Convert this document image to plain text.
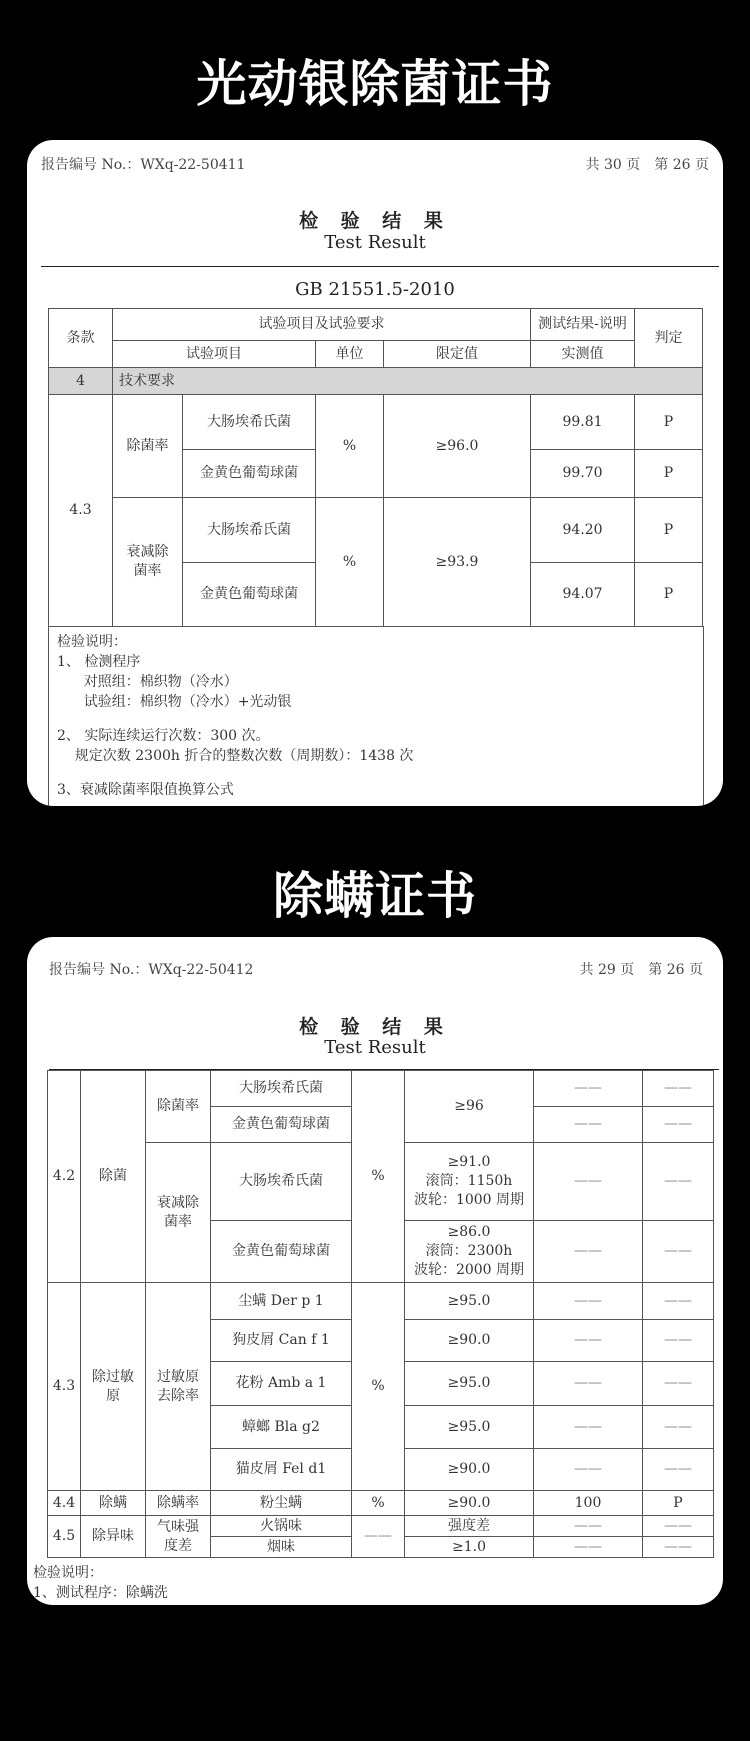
光动银除菌证书
报告编号 No.：WXq-22-50411	共 30 页　第 26 页
检 验 结 果
Test Result
GB 21551.5-2010
条款	试验项目及试验要求				测试结果-说明	判定
	试验项目		单位	限定值	实测值	
4	技术要求					
4.3	除菌率	大肠埃希氏菌	%	≥96.0	99.81	P
		金黄色葡萄球菌			99.70	P
	衰减除菌率	大肠埃希氏菌	%	≥93.9	94.20	P
		金黄色葡萄球菌			94.07	P
检验说明：
1、 检测程序
对照组：棉织物（冷水）
试验组：棉织物（冷水）+光动银
2、 实际连续运行次数：300 次。
规定次数 2300h 折合的整数次数（周期数）：1438 次
3、衰减除菌率限值换算公式
除螨证书
报告编号 No.：WXq-22-50412	共 29 页　第 26 页
检 验 结 果
Test Result
4.2	除菌	除菌率	大肠埃希氏菌	%	≥96	——	——
			金黄色葡萄球菌			——	——
		衰减除菌率	大肠埃希氏菌		≥91.0
滚筒：1150h
波轮：1000 周期	——	——
			金黄色葡萄球菌		≥86.0
滚筒：2300h
波轮：2000 周期	——	——
4.3	除过敏原	过敏原去除率	尘螨 Der p 1	%	≥95.0	——	——
			狗皮屑 Can f 1		≥90.0	——	——
			花粉 Amb a 1		≥95.0	——	——
			蟑螂 Bla g2		≥95.0	——	——
			猫皮屑 Fel d1		≥90.0	——	——
4.4	除螨	除螨率	粉尘螨	%	≥90.0	100	P
4.5	除异味	气味强度差	火锅味	——	强度差	——	——
			烟味		≥1.0	——	——
检验说明：
1、测试程序：除螨洗
